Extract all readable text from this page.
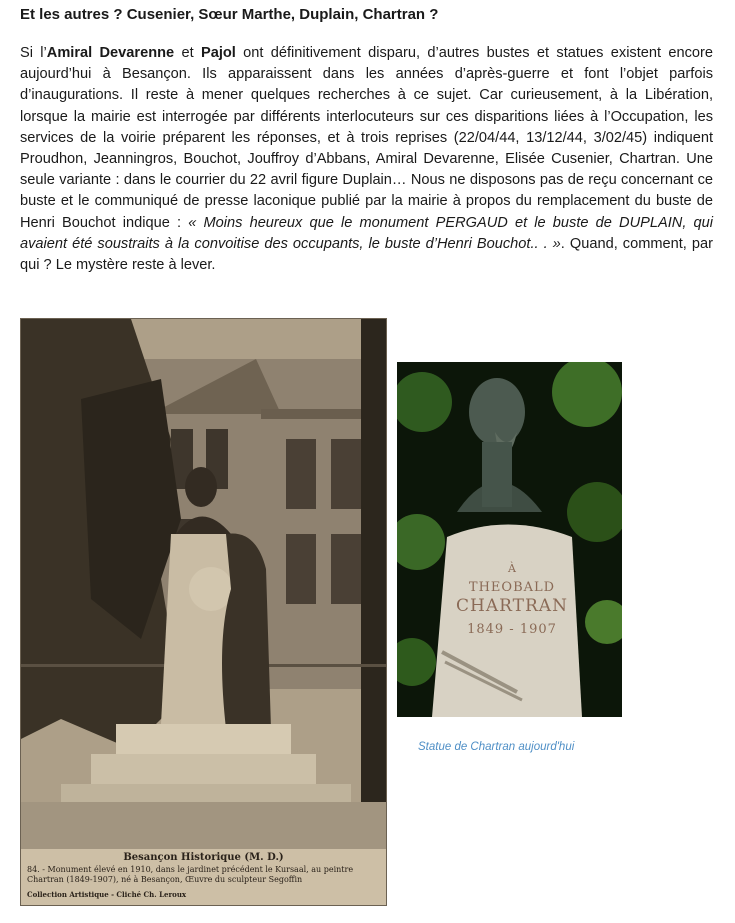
Et les autres ? Cusenier, Sœur Marthe, Duplain, Chartran ?

Si l’Amiral Devarenne et Pajol ont définitivement disparu, d’autres bustes et statues existent encore aujourd’hui à Besançon. Ils apparaissent dans les années d’après-guerre et font l’objet parfois d’inaugurations. Il reste à mener quelques recherches à ce sujet. Car curieusement, à la Libération, lorsque la mairie est interrogée par différents interlocuteurs sur ces disparitions liées à l’Occupation, les services de la voirie préparent les réponses, et à trois reprises (22/04/44, 13/12/44, 3/02/45) indiquent Proudhon, Jeanningros, Bouchot, Jouffroy d’Abbans, Amiral Devarenne, Elisée Cusenier, Chartran. Une seule variante : dans le courrier du 22 avril figure Duplain… Nous ne disposons pas de reçu concernant ce buste et le communiqué de presse laconique publié par la mairie à propos du remplacement du buste de Henri Bouchot indique : « Moins heureux que le monument PERGAUD et le buste de DUPLAIN, qui avaient été soustraits à la convoitise des occupants, le buste d’Henri Bouchot.. . ». Quand, comment, par qui ? Le mystère reste à lever.

Besançon Historique (M. D.)
84. - Monument élevé en 1910, dans le jardinet précédent le Kursaal, au peintre Chartran (1849-1907), né à Besançon, Œuvre du sculpteur Segoffin
Collection Artistique - Cliché Ch. Leroux
À
THEOBALD
CHARTRAN
1849 - 1907
Statue de Chartran aujourd'hui
